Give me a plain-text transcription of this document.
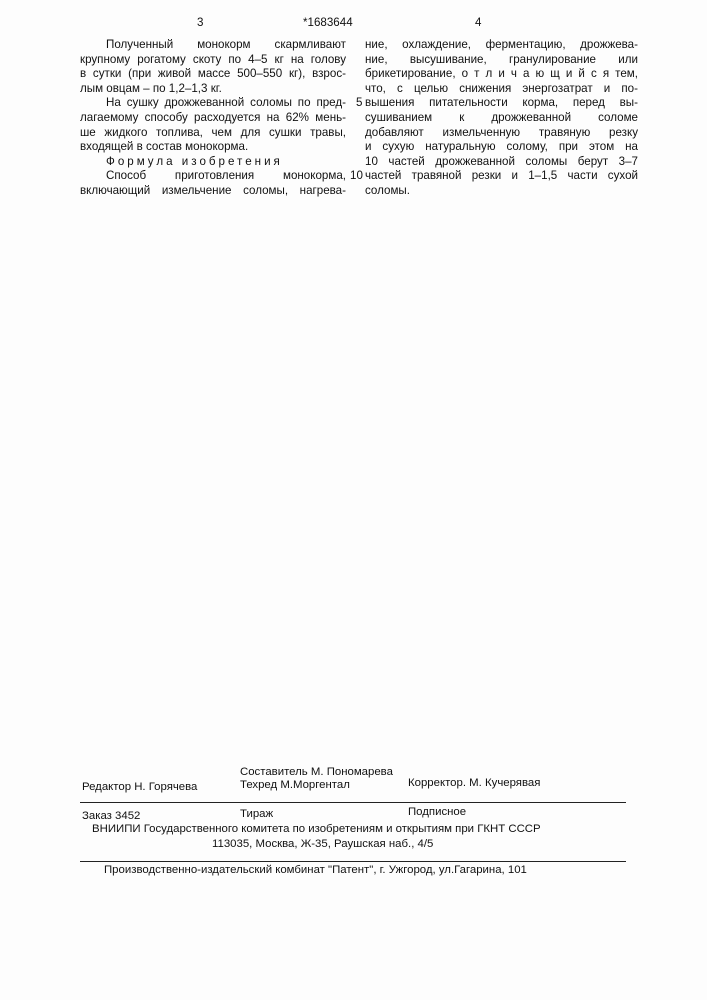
3	*1683644	4
Полученный монокорм скармливают
крупному рогатому скоту по 4–5 кг на голову
в сутки (при живой массе 500–550 кг), взрос-
лым овцам – по 1,2–1,3 кг.
На сушку дрожжеванной соломы по пред-
лагаемому способу расходуется на 62% мень-
ше жидкого топлива, чем для сушки травы,
входящей в состав монокорма.
Формула изобретения
Способ приготовления монокорма,
включающий измельчение соломы, нагрева-
ние, охлаждение, ферментацию, дрожжева-
ние, высушивание, гранулирование или
брикетирование, о т л и ч а ю щ и й с я тем,
что, с целью снижения энергозатрат и по-
вышения питательности корма, перед вы-
сушиванием к дрожжеванной соломе
добавляют измельченную травяную резку
и сухую натуральную солому, при этом на
10 частей дрожжеванной соломы берут 3–7
частей травяной резки и 1–1,5 части сухой
соломы.
5
10
Составитель М. Пономарева
Редактор Н. Горячева	Техред М.Моргентал	Корректор. М. Кучерявая
Заказ 3452	Тираж	Подписное
ВНИИПИ Государственного комитета по изобретениям и открытиям при ГКНТ СССР
113035, Москва, Ж-35, Раушская наб., 4/5
Производственно-издательский комбинат "Патент", г. Ужгород, ул.Гагарина, 101
